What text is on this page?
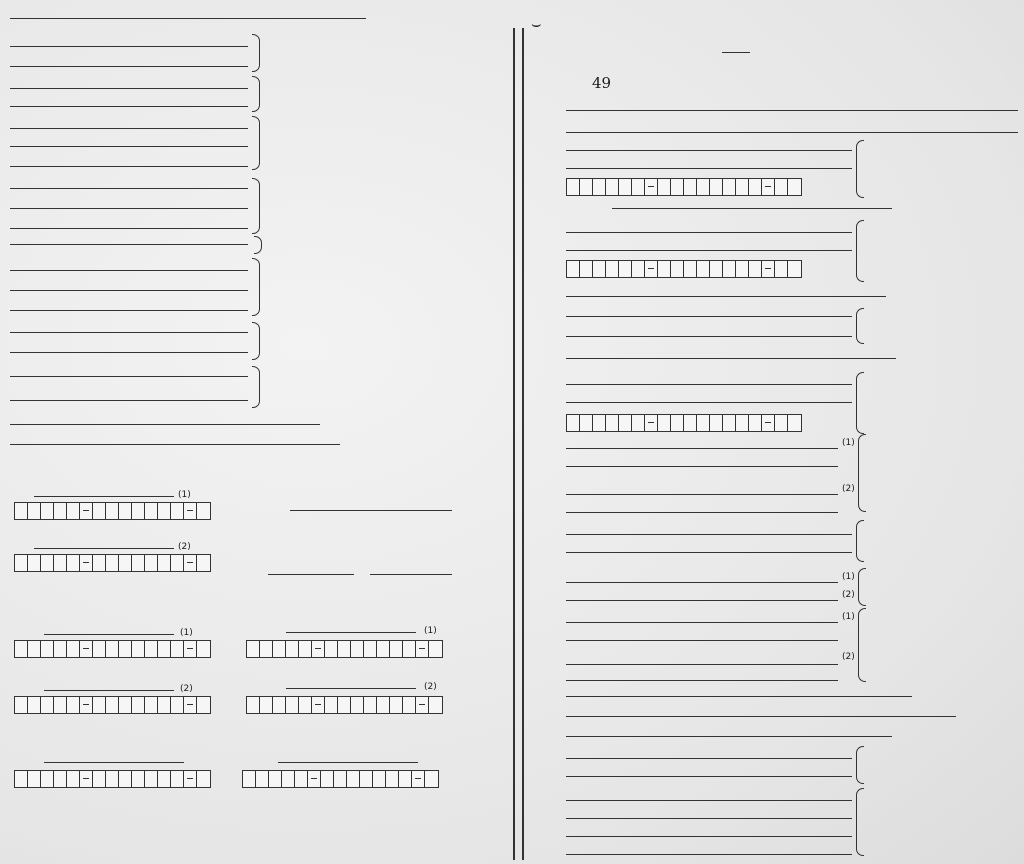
⌣
49
(1)
(2)
(1)
(2)
(1)
(2)
(1)
(2)
(1)	(1)
(2)	(2)
